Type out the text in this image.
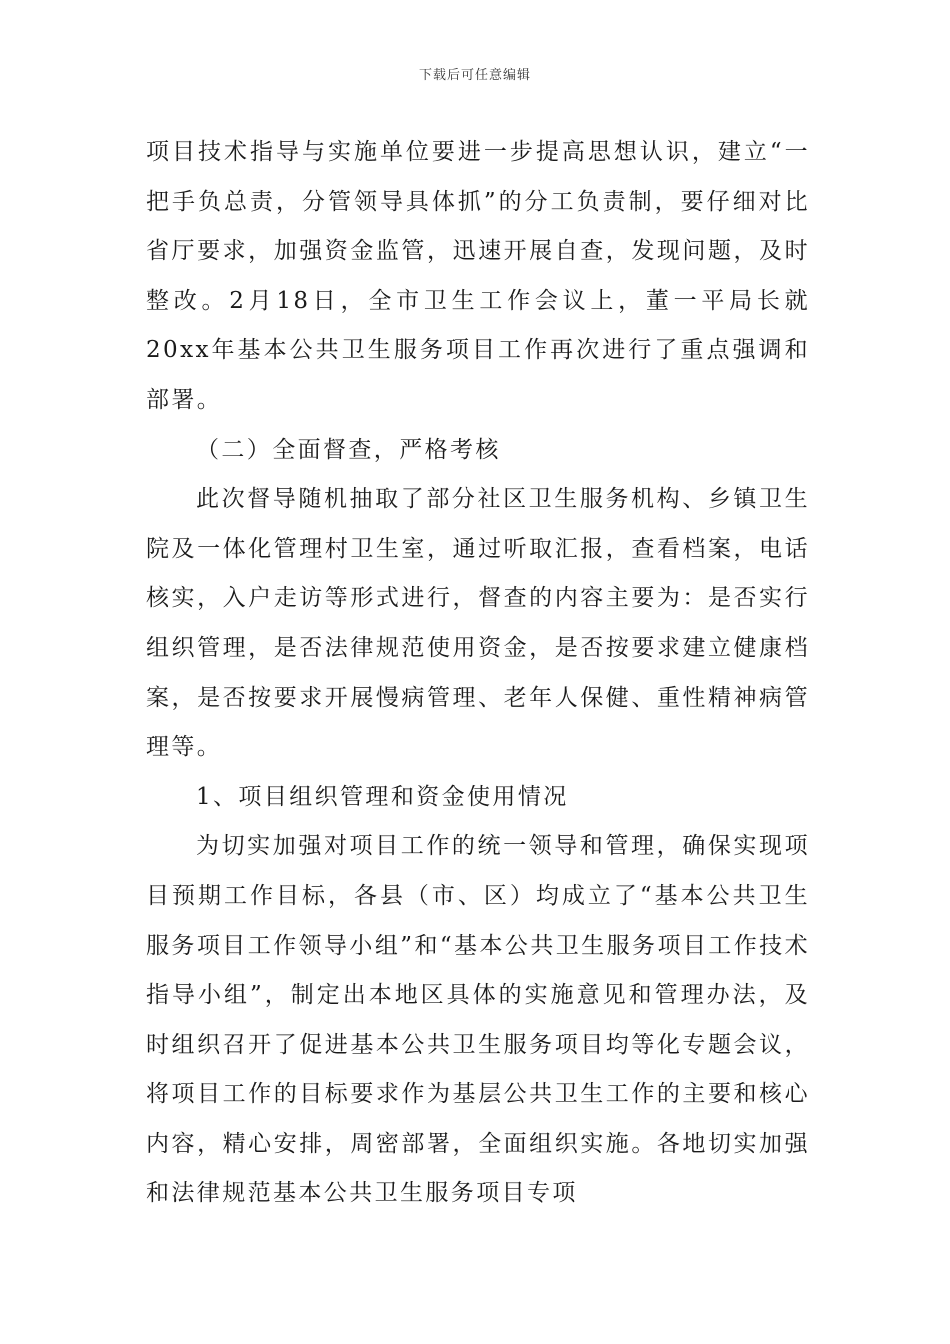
下载后可任意编辑

项目技术指导与实施单位要进一步提高思想认识，建立“一把手负总责，分管领导具体抓”的分工负责制，要仔细对比省厅要求，加强资金监管，迅速开展自查，发现问题，及时整改。2月18日，全市卫生工作会议上，董一平局长就20xx年基本公共卫生服务项目工作再次进行了重点强调和部署。

（二）全面督查，严格考核

此次督导随机抽取了部分社区卫生服务机构、乡镇卫生院及一体化管理村卫生室，通过听取汇报，查看档案，电话核实，入户走访等形式进行，督查的内容主要为：是否实行组织管理，是否法律规范使用资金，是否按要求建立健康档案，是否按要求开展慢病管理、老年人保健、重性精神病管理等。

1、项目组织管理和资金使用情况

为切实加强对项目工作的统一领导和管理，确保实现项目预期工作目标，各县（市、区）均成立了“基本公共卫生服务项目工作领导小组”和“基本公共卫生服务项目工作技术指导小组”，制定出本地区具体的实施意见和管理办法，及时组织召开了促进基本公共卫生服务项目均等化专题会议，将项目工作的目标要求作为基层公共卫生工作的主要和核心内容，精心安排，周密部署，全面组织实施。各地切实加强和法律规范基本公共卫生服务项目专项
